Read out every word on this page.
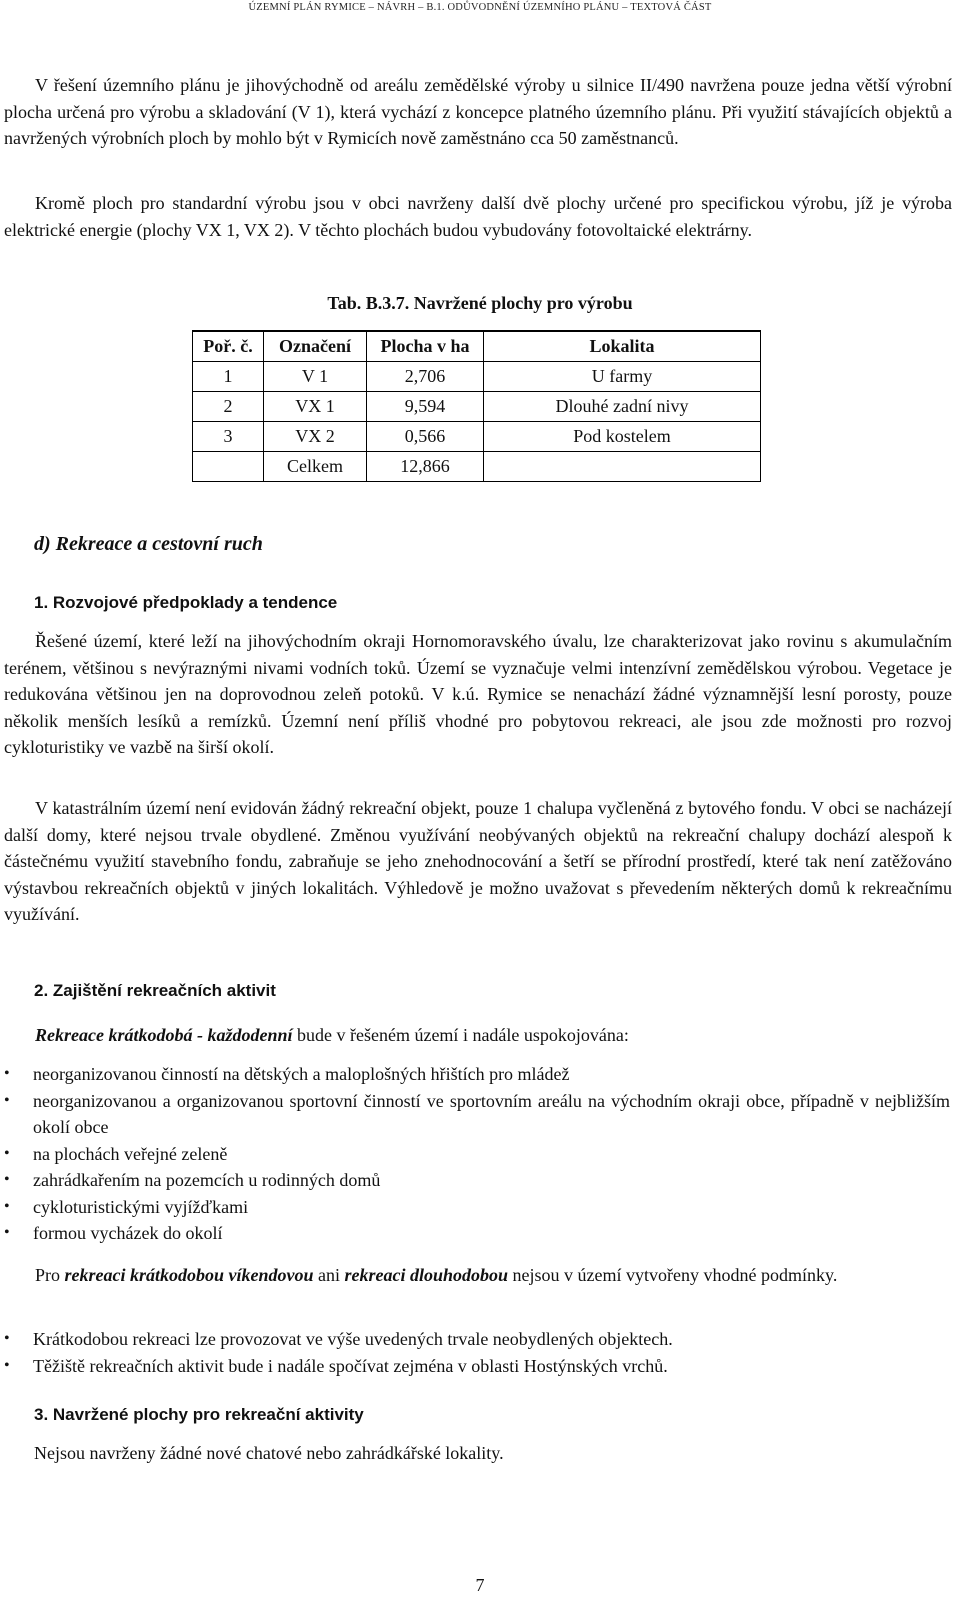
ÚZEMNÍ PLÁN RYMICE – NÁVRH – B.1. ODŮVODNĚNÍ ÚZEMNÍHO PLÁNU – TEXTOVÁ ČÁST

V řešení územního plánu je jihovýchodně od areálu zemědělské výroby u silnice II/490 navržena pouze jedna větší výrobní plocha určená pro výrobu a skladování (V 1), která vychází z koncepce platného územního plánu. Při využití stávajících objektů a navržených výrobních ploch by mohlo být v Rymicích nově zaměstnáno cca 50 zaměstnanců.

Kromě ploch pro standardní výrobu jsou v obci navrženy další dvě plochy určené pro specifickou výrobu, jíž je výroba elektrické energie (plochy VX 1, VX 2). V těchto plochách budou vybudovány fotovoltaické elektrárny.

Tab. B.3.7. Navržené plochy pro výrobu
Poř. č.	Označení	Plocha v ha	Lokalita
1	V 1	2,706	U farmy
2	VX 1	9,594	Dlouhé zadní nivy
3	VX 2	0,566	Pod kostelem
	Celkem	12,866	
d) Rekreace a cestovní ruch
1. Rozvojové předpoklady a tendence

Řešené území, které leží na jihovýchodním okraji Hornomoravského úvalu, lze charakterizovat jako rovinu s akumulačním terénem, většinou s nevýraznými nivami vodních toků. Území se vyznačuje velmi intenzívní zemědělskou výrobou. Vegetace je redukována většinou jen na doprovodnou zeleň potoků. V k.ú. Rymice se nenachází žádné významnější lesní porosty, pouze několik menších lesíků a remízků. Územní není příliš vhodné pro pobytovou rekreaci, ale jsou zde možnosti pro rozvoj cykloturistiky ve vazbě na širší okolí.

V katastrálním území není evidován žádný rekreační objekt, pouze 1 chalupa vyčleněná z bytového fondu. V obci se nacházejí další domy, které nejsou trvale obydlené. Změnou využívání neobývaných objektů na rekreační chalupy dochází alespoň k částečnému využití stavebního fondu, zabraňuje se jeho znehodnocování a šetří se přírodní prostředí, které tak není zatěžováno výstavbou rekreačních objektů v jiných lokalitách. Výhledově je možno uvažovat s převedením některých domů k rekreačnímu využívání.

2. Zajištění rekreačních aktivit

Rekreace krátkodobá - každodenní bude v řešeném území i nadále uspokojována:

• neorganizovanou činností na dětských a maloplošných hřištích pro mládež
• neorganizovanou a organizovanou sportovní činností ve sportovním areálu na východním okraji obce, případně v nejbližším okolí obce
• na plochách veřejné zeleně
• zahrádkařením na pozemcích u rodinných domů
• cykloturistickými vyjížďkami
• formou vycházek do okolí

Pro rekreaci krátkodobou víkendovou ani rekreaci dlouhodobou nejsou v území vytvořeny vhodné podmínky.

• Krátkodobou rekreaci lze provozovat ve výše uvedených trvale neobydlených objektech.
• Těžiště rekreačních aktivit bude i nadále spočívat zejména v oblasti Hostýnských vrchů.
3. Navržené plochy pro rekreační aktivity

Nejsou navrženy žádné nové chatové nebo zahrádkářské lokality.

7
